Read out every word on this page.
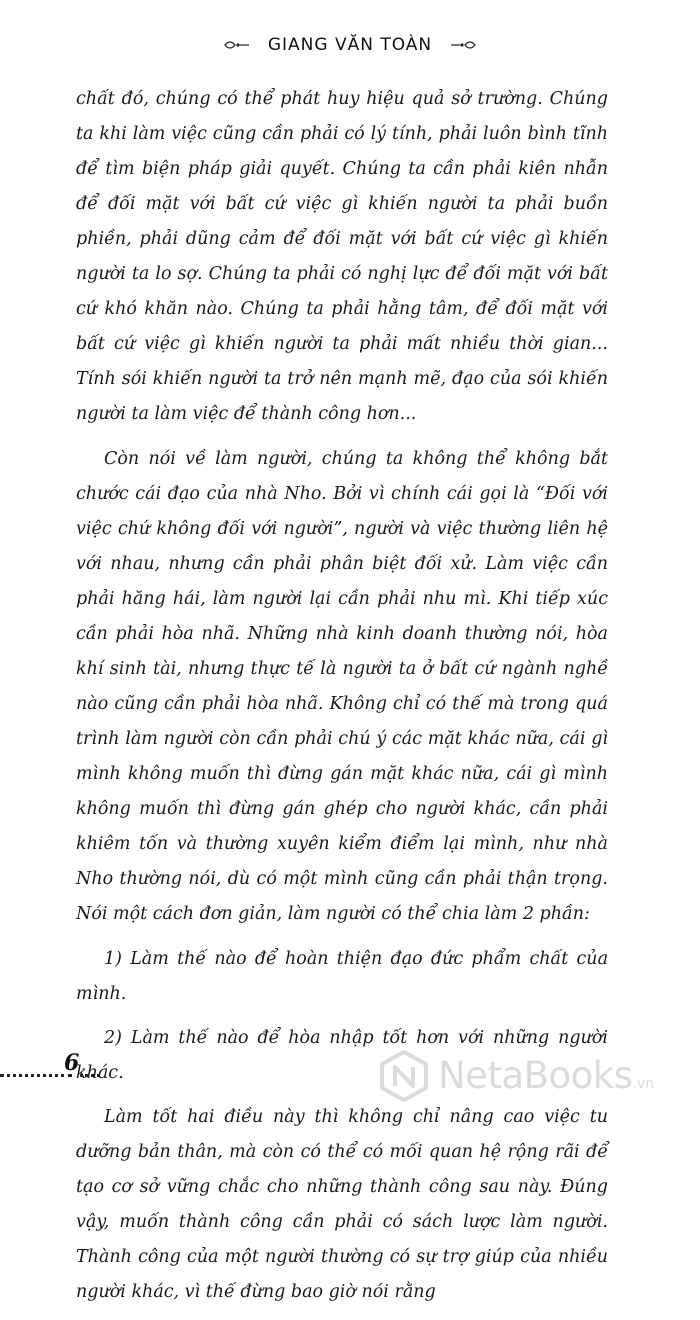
GIANG VĂN TOÀN

chất đó, chúng có thể phát huy hiệu quả sở trường. Chúng ta khi làm việc cũng cần phải có lý tính, phải luôn bình tĩnh để tìm biện pháp giải quyết. Chúng ta cần phải kiên nhẫn để đối mặt với bất cứ việc gì khiến người ta phải buồn phiền, phải dũng cảm để đối mặt với bất cứ việc gì khiến người ta lo sợ. Chúng ta phải có nghị lực để đối mặt với bất cứ khó khăn nào. Chúng ta phải hằng tâm, để đối mặt với bất cứ việc gì khiến người ta phải mất nhiều thời gian... Tính sói khiến người ta trở nên mạnh mẽ, đạo của sói khiến người ta làm việc để thành công hơn...

Còn nói về làm người, chúng ta không thể không bắt chước cái đạo của nhà Nho. Bởi vì chính cái gọi là “Đối với việc chứ không đối với người”, người và việc thường liên hệ với nhau, nhưng cần phải phân biệt đối xử. Làm việc cần phải hăng hái, làm người lại cần phải nhu mì. Khi tiếp xúc cần phải hòa nhã. Những nhà kinh doanh thường nói, hòa khí sinh tài, nhưng thực tế là người ta ở bất cứ ngành nghề nào cũng cần phải hòa nhã. Không chỉ có thế mà trong quá trình làm người còn cần phải chú ý các mặt khác nữa, cái gì mình không muốn thì đừng gán mặt khác nữa, cái gì mình không muốn thì đừng gán ghép cho người khác, cần phải khiêm tốn và thường xuyên kiểm điểm lại mình, như nhà Nho thường nói, dù có một mình cũng cần phải thận trọng. Nói một cách đơn giản, làm người có thể chia làm 2 phần:

1) Làm thế nào để hoàn thiện đạo đức phẩm chất của mình.

2) Làm thế nào để hòa nhập tốt hơn với những người khác.

Làm tốt hai điều này thì không chỉ nâng cao việc tu dưỡng bản thân, mà còn có thể có mối quan hệ rộng rãi để tạo cơ sở vững chắc cho những thành công sau này. Đúng vậy, muốn thành công cần phải có sách lược làm người. Thành công của một người thường có sự trợ giúp của nhiều người khác, vì thế đừng bao giờ nói rằng

6	NetaBooks.vn
